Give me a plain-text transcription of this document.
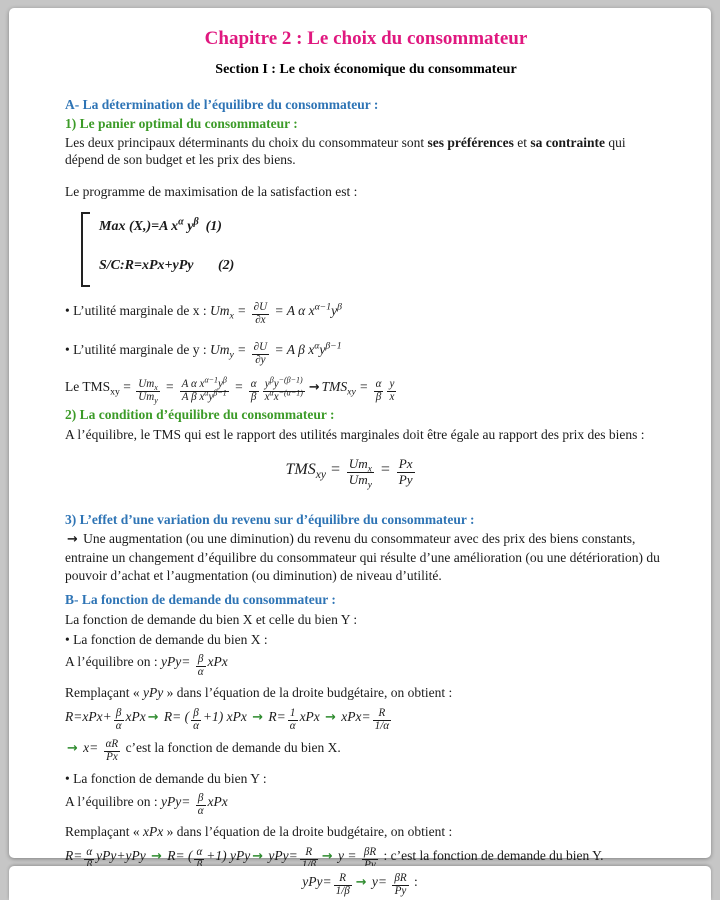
Chapitre 2 : Le choix du consommateur
Section I : Le choix économique du consommateur

A- La détermination de l’équilibre du consommateur :

1) Le panier optimal du consommateur :

Les deux principaux déterminants du choix du consommateur sont ses préférences et sa contrainte qui dépend de son budget et les prix des biens.

Le programme de maximisation de la satisfaction est :

Max (X,)=A $x^\alpha$ $y^\beta$  (1)

S/C:R=xPx+yPy       (2)

• L’utilité marginale de x : $Um_x = \frac{\partial U}{\partial x} = A$ α $x^{\alpha-1}y^\beta$

• L’utilité marginale de y : $Um_y = \frac{\partial U}{\partial y} = A$ β $x^\alpha y^{\beta-1}$

Le $TMS_{xy} = \frac{Um_x}{Um_y} = \frac{A \alpha x^{\alpha-1}y^\beta}{A \beta x^\alpha y^{\beta-1}} = \frac{\alpha}{\beta} \frac{y^\beta y^{-(\beta-1)}}{x^\alpha x^{-(\alpha-1)}} \to TMS_{xy} = \frac{\alpha}{\beta} \frac{y}{x}$

2) La condition d’équilibre du consommateur :

A l’équilibre, le TMS qui est le rapport des utilités marginales doit être égale au rapport des prix des biens :

$TMS_{xy} = \frac{Um_x}{Um_y} = \frac{Px}{Py}$

3) L’effet d’une variation du revenu sur d’équilibre du consommateur :

→ Une augmentation (ou une diminution) du revenu du consommateur avec des prix des biens constants, entraine un changement d’équilibre du consommateur qui résulte d’une amélioration (ou une détérioration) du pouvoir d’achat et l’augmentation (ou diminution) de niveau d’utilité.

B- La fonction de demande du consommateur :

La fonction de demande du bien X et celle du bien Y :

• La fonction de demande du bien X :

A l’équilibre on : $yPy= \frac{\beta}{\alpha}$ xPx

Remplaçant « yPy » dans l’équation de la droite budgétaire, on obtient :

$R=xPx+ \frac{\beta}{\alpha}$ xPx → R= ( $\frac{\beta}{\alpha} +1$) xPx → $R= \frac{1}{\alpha}$ xPx → $xPx= \frac{R}{1/\alpha}$

→ $x= \frac{\alpha R}{Px}$ c’est la fonction de demande du bien X.

• La fonction de demande du bien Y :

A l’équilibre on : $yPy= \frac{\beta}{\alpha}$ xPx

Remplaçant « xPx » dans l’équation de la droite budgétaire, on obtient :

R= α yPy+yPy → R= ( α +1) yPy → yPy= R → y = βR : c’est la fonction de demande du bien Y.

$yPy= \frac{R}{1/\beta} \to y= \frac{\beta R}{Py}$ :
